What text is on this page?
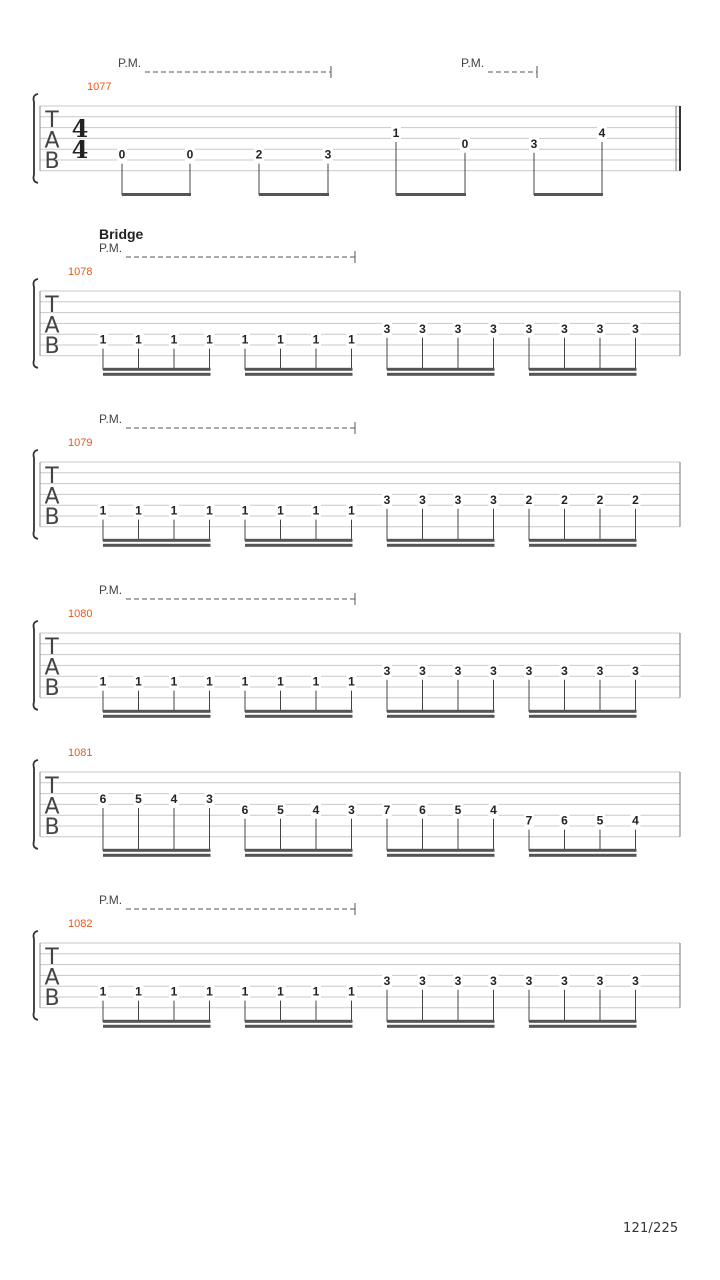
T
A
B
4
4
1077
P.M.	P.M.
0	0	2	3
1
0	3
4
T
A
B
1078
Bridge
P.M.
1 1 1 1 1 1 1 1
3 3 3 3 3 3 3 3
T
A
B
1079
P.M.
1 1 1 1 1 1 1 1
3 3 3 3 2 2 2 2
T
A
B
1080
P.M.
1 1 1 1 1 1 1 1
3 3 3 3 3 3 3 3
T
A
B
1081
6 5 4 3
6 5 4 3 7 6 5 4
7 6 5 4
T
A
B
1082
P.M.
1 1 1 1 1 1 1 1
3 3 3 3 3 3 3 3
121/225
